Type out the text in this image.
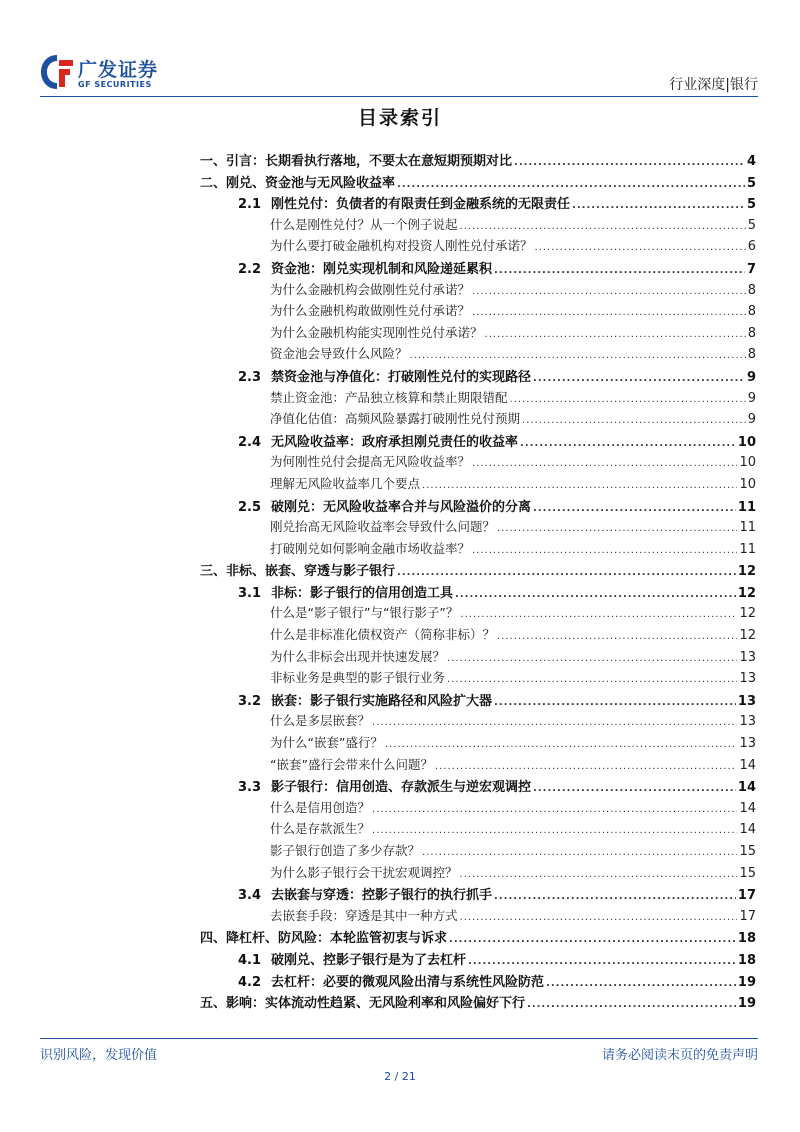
广发证券
GF SECURITIES	行业深度|银行
目录索引
一、引言：长期看执行落地，不要太在意短期预期对比 .....	4
二、刚兑、资金池与无风险收益率 .....	5
2.1 刚性兑付：负债者的有限责任到金融系统的无限责任 .....	5
什么是刚性兑付？从一个例子说起 .....	5
为什么要打破金融机构对投资人刚性兑付承诺？ .....	6
2.2 资金池：刚兑实现机制和风险递延累积 .....	7
为什么金融机构会做刚性兑付承诺？ .....	8
为什么金融机构敢做刚性兑付承诺？ .....	8
为什么金融机构能实现刚性兑付承诺？ .....	8
资金池会导致什么风险？ .....	8
2.3 禁资金池与净值化：打破刚性兑付的实现路径 .....	9
禁止资金池：产品独立核算和禁止期限错配 .....	9
净值化估值：高频风险暴露打破刚性兑付预期 .....	9
2.4 无风险收益率：政府承担刚兑责任的收益率 .....	10
为何刚性兑付会提高无风险收益率？ .....	10
理解无风险收益率几个要点 .....	10
2.5 破刚兑：无风险收益率合并与风险溢价的分离 .....	11
刚兑抬高无风险收益率会导致什么问题？ .....	11
打破刚兑如何影响金融市场收益率？ .....	11
三、非标、嵌套、穿透与影子银行 .....	12
3.1 非标：影子银行的信用创造工具 .....	12
什么是“影子银行”与“银行影子”？ .....	12
什么是非标准化债权资产（简称非标）？ .....	12
为什么非标会出现并快速发展？ .....	13
非标业务是典型的影子银行业务 .....	13
3.2 嵌套：影子银行实施路径和风险扩大器 .....	13
什么是多层嵌套？ .....	13
为什么“嵌套”盛行？ .....	13
“嵌套”盛行会带来什么问题？ .....	14
3.3 影子银行：信用创造、存款派生与逆宏观调控 .....	14
什么是信用创造？ .....	14
什么是存款派生？ .....	14
影子银行创造了多少存款？ .....	15
为什么影子银行会干扰宏观调控？ .....	15
3.4 去嵌套与穿透：控影子银行的执行抓手 .....	17
去嵌套手段：穿透是其中一种方式 .....	17
四、降杠杆、防风险：本轮监管初衷与诉求 .....	18
4.1 破刚兑、控影子银行是为了去杠杆 .....	18
4.2 去杠杆：必要的微观风险出清与系统性风险防范 .....	19
五、影响：实体流动性趋紧、无风险利率和风险偏好下行 .....	19
识别风险，发现价值	请务必阅读末页的免责声明
2 / 21
